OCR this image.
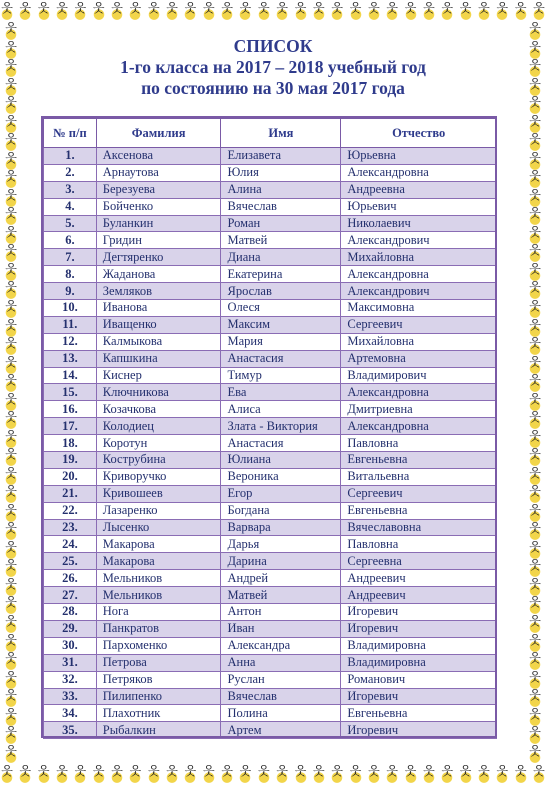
웃 웃 웃 웃 웃 웃 웃 웃 웃 웃 웃 웃 웃 웃 웃 웃 웃 웃 웃 웃 웃 웃 웃 웃 웃 웃 웃 웃 웃 웃
웃 웃 웃 웃 웃 웃 웃 웃 웃 웃 웃 웃 웃 웃 웃 웃 웃 웃 웃 웃 웃 웃 웃 웃 웃 웃 웃 웃 웃 웃
웃
웃
웃
웃
웃
웃
웃
웃
웃
웃
웃
웃
웃
웃
웃
웃
웃
웃
웃
웃
웃
웃
웃
웃
웃
웃
웃
웃
웃
웃
웃
웃
웃
웃
웃
웃
웃
웃
웃
웃
웃
웃
웃
웃
웃
웃
웃
웃
웃
웃
웃
웃
웃
웃
웃
웃
웃
웃
웃
웃
웃
웃
웃
웃
웃
웃
웃
웃
웃
웃
웃
웃
웃
웃
웃
웃
웃
웃
웃
웃
СПИСОК
1-го класса на 2017 – 2018 учебный год
по состоянию на 30 мая 2017 года
№ п/п	Фамилия	Имя	Отчество
1.	Аксенова	Елизавета	Юрьевна
2.	Арнаутова	Юлия	Александровна
3.	Березуева	Алина	Андреевна
4.	Бойченко	Вячеслав	Юрьевич
5.	Буланкин	Роман	Николаевич
6.	Гридин	Матвей	Александрович
7.	Дегтяренко	Диана	Михайловна
8.	Жаданова	Екатерина	Александровна
9.	Земляков	Ярослав	Александрович
10.	Иванова	Олеся	Максимовна
11.	Иващенко	Максим	Сергеевич
12.	Калмыкова	Мария	Михайловна
13.	Капшкина	Анастасия	Артемовна
14.	Киснер	Тимур	Владимирович
15.	Ключникова	Ева	Александровна
16.	Козачкова	Алиса	Дмитриевна
17.	Колодиец	Злата - Виктория	Александровна
18.	Коротун	Анастасия	Павловна
19.	Кострубина	Юлиана	Евгеньевна
20.	Криворучко	Вероника	Витальевна
21.	Кривошеев	Егор	Сергеевич
22.	Лазаренко	Богдана	Евгеньевна
23.	Лысенко	Варвара	Вячеславовна
24.	Макарова	Дарья	Павловна
25.	Макарова	Дарина	Сергеевна
26.	Мельников	Андрей	Андреевич
27.	Мельников	Матвей	Андреевич
28.	Нога	Антон	Игоревич
29.	Панкратов	Иван	Игоревич
30.	Пархоменко	Александра	Владимировна
31.	Петрова	Анна	Владимировна
32.	Петряков	Руслан	Романович
33.	Пилипенко	Вячеслав	Игоревич
34.	Плахотник	Полина	Евгеньевна
35.	Рыбалкин	Артем	Игоревич
